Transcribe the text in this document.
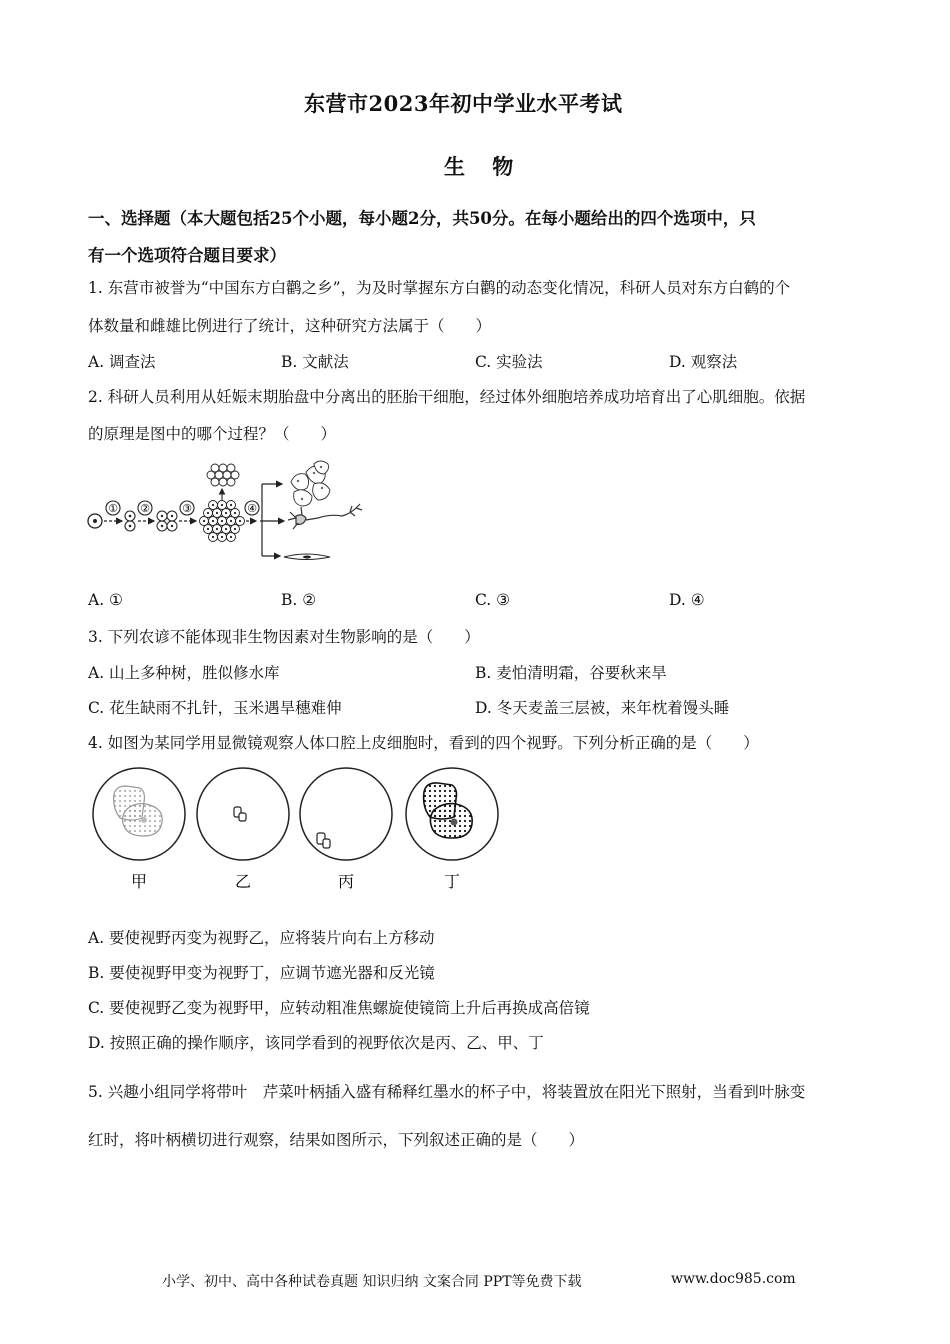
东营市2023年初中学业水平考试
生 物
一、选择题（本大题包括25个小题，每小题2分，共50分。在每小题给出的四个选项中，只
有一个选项符合题目要求）
1. 东营市被誉为“中国东方白鹳之乡”，为及时掌握东方白鹳的动态变化情况，科研人员对东方白鹤的个
体数量和雌雄比例进行了统计，这种研究方法属于（　　）
A. 调查法	B. 文献法	C. 实验法	D. 观察法
2. 科研人员利用从妊娠末期胎盘中分离出的胚胎干细胞，经过体外细胞培养成功培育出了心肌细胞。依据
的原理是图中的哪个过程？（　　）
① ②	③	④
A. ①	B. ②	C. ③	D. ④
3. 下列农谚不能体现非生物因素对生物影响的是（　　）
A. 山上多种树，胜似修水库	B. 麦怕清明霜，谷要秋来旱
C. 花生缺雨不扎针，玉米遇旱穗难伸	D. 冬天麦盖三层被，来年枕着馒头睡
4. 如图为某同学用显微镜观察人体口腔上皮细胞时，看到的四个视野。下列分析正确的是（　　）
甲	乙	丙	丁
A. 要使视野丙变为视野乙，应将装片向右上方移动
B. 要使视野甲变为视野丁，应调节遮光器和反光镜
C. 要使视野乙变为视野甲，应转动粗准焦螺旋使镜筒上升后再换成高倍镜
D. 按照正确的操作顺序，该同学看到的视野依次是丙、乙、甲、丁
5. 兴趣小组同学将带叶　芹菜叶柄插入盛有稀释红墨水的杯子中，将装置放在阳光下照射，当看到叶脉变
红时，将叶柄横切进行观察，结果如图所示，下列叙述正确的是（　　）
小学、初中、高中各种试卷真题 知识归纳 文案合同 PPT等免费下载	www.doc985.com
